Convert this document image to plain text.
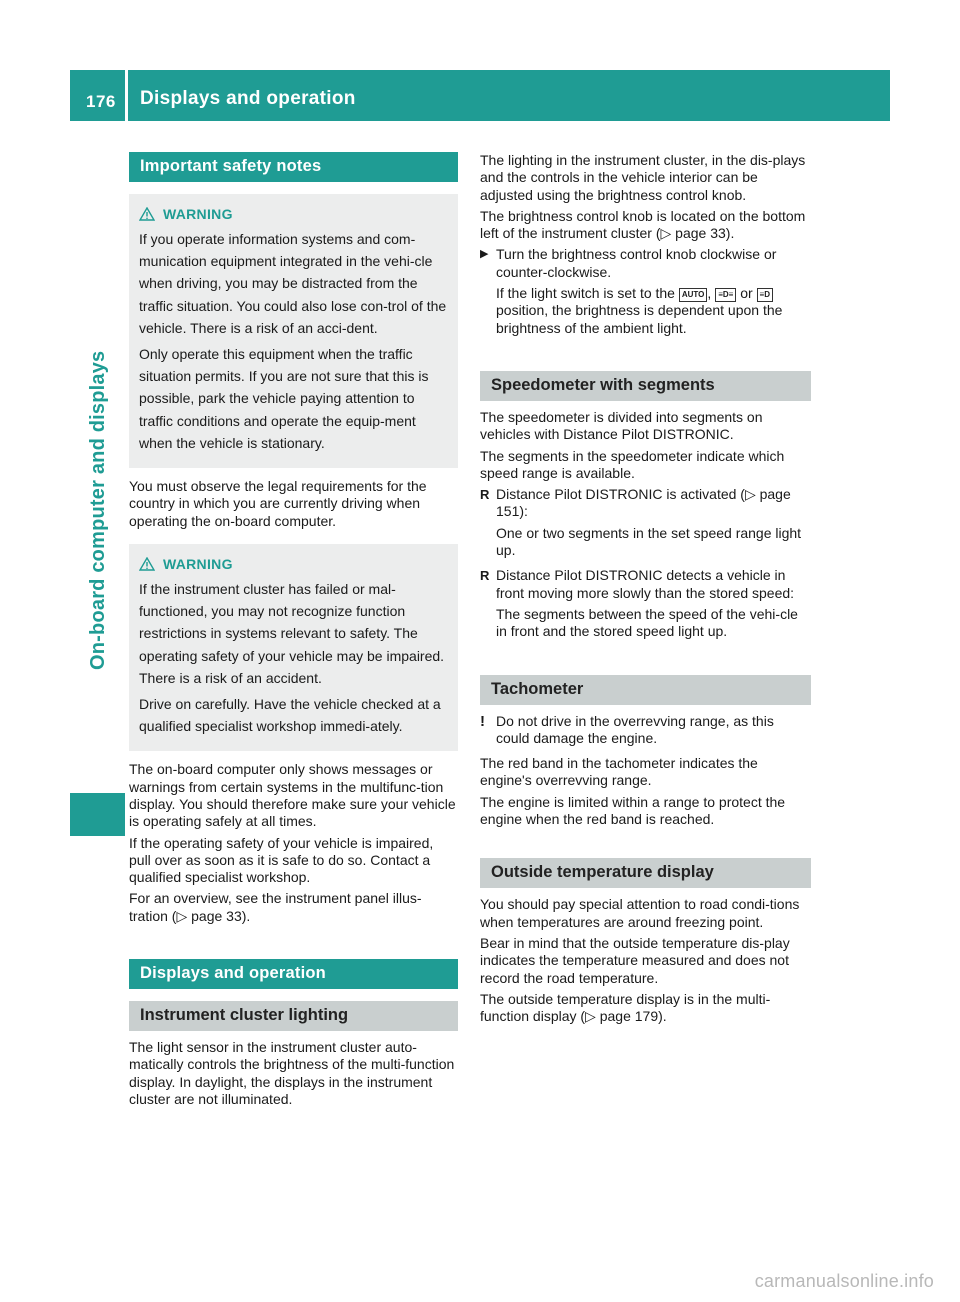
176 Displays and operation
On-board computer and displays
Important safety notes
WARNING

If you operate information systems and com-munication equipment integrated in the vehi-cle when driving, you may be distracted from the traffic situation. You could also lose con-trol of the vehicle. There is a risk of an acci-dent.

Only operate this equipment when the traffic situation permits. If you are not sure that this is possible, park the vehicle paying attention to traffic conditions and operate the equip-ment when the vehicle is stationary.

You must observe the legal requirements for the country in which you are currently driving when operating the on-board computer.

WARNING

If the instrument cluster has failed or mal-functioned, you may not recognize function restrictions in systems relevant to safety. The operating safety of your vehicle may be impaired. There is a risk of an accident.

Drive on carefully. Have the vehicle checked at a qualified specialist workshop immedi-ately.

The on-board computer only shows messages or warnings from certain systems in the multifunc-tion display. You should therefore make sure your vehicle is operating safely at all times.

If the operating safety of your vehicle is impaired, pull over as soon as it is safe to do so. Contact a qualified specialist workshop.

For an overview, see the instrument panel illus-tration (▷ page 33).

Displays and operation
Instrument cluster lighting

The light sensor in the instrument cluster auto-matically controls the brightness of the multi-function display. In daylight, the displays in the instrument cluster are not illuminated.

The lighting in the instrument cluster, in the dis-plays and the controls in the vehicle interior can be adjusted using the brightness control knob.

The brightness control knob is located on the bottom left of the instrument cluster (▷ page 33).

▶ Turn the brightness control knob clockwise or counter-clockwise.

If the light switch is set to the AUTO , ≡D≡ or ≡D position, the brightness is dependent upon the brightness of the ambient light.

Speedometer with segments

The speedometer is divided into segments on vehicles with Distance Pilot DISTRONIC.

The segments in the speedometer indicate which speed range is available.

R Distance Pilot DISTRONIC is activated (▷ page 151):

One or two segments in the set speed range light up.

R Distance Pilot DISTRONIC detects a vehicle in front moving more slowly than the stored speed:

The segments between the speed of the vehi-cle in front and the stored speed light up.

Tachometer
! Do not drive in the overrevving range, as this could damage the engine.

The red band in the tachometer indicates the engine's overrevving range.

The engine is limited within a range to protect the engine when the red band is reached.

Outside temperature display

You should pay special attention to road condi-tions when temperatures are around freezing point.

Bear in mind that the outside temperature dis-play indicates the temperature measured and does not record the road temperature.

The outside temperature display is in the multi-function display (▷ page 179).

carmanualsonline.info
